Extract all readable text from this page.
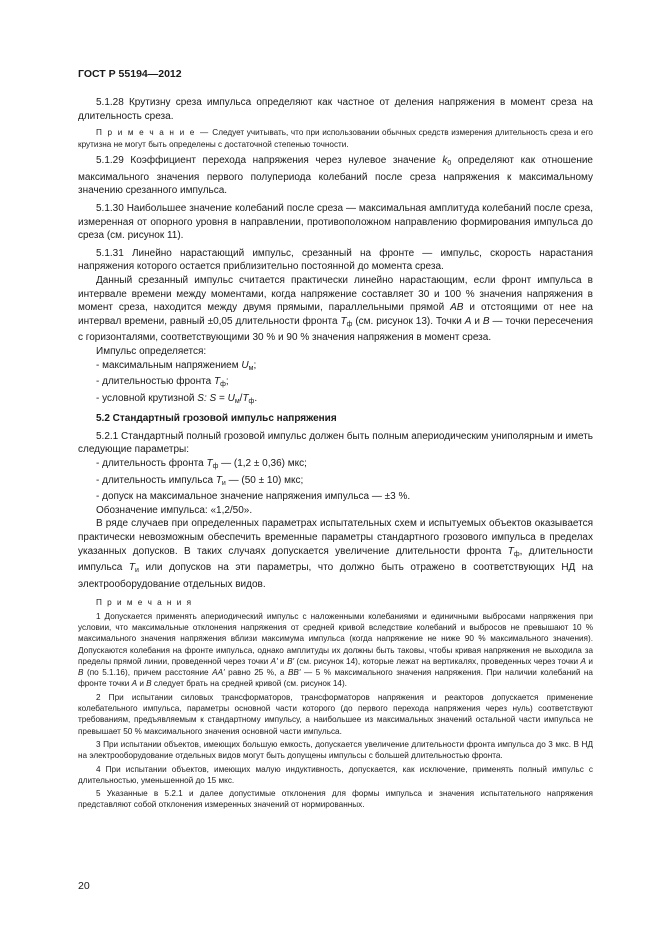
ГОСТ Р 55194—2012

5.1.28 Крутизну среза импульса определяют как частное от деления напряжения в момент среза на длительность среза.

П р и м е ч а н и е — Следует учитывать, что при использовании обычных средств измерения длительность среза и его крутизна не могут быть определены с достаточной степенью точности.

5.1.29 Коэффициент перехода напряжения через нулевое значение $k_0$ определяют как отношение максимального значения первого полупериода колебаний после среза напряжения к максимальному значению срезанного импульса.

5.1.30 Наибольшее значение колебаний после среза — максимальная амплитуда колебаний после среза, измеренная от опорного уровня в направлении, противоположном направлению формирования импульса до среза (см. рисунок 11).

5.1.31 Линейно нарастающий импульс, срезанный на фронте — импульс, скорость нарастания напряжения которого остается приблизительно постоянной до момента среза.

Данный срезанный импульс считается практически линейно нарастающим, если фронт импульса в интервале времени между моментами, когда напряжение составляет 30 и 100 % значения напряжения в момент среза, находится между двумя прямыми, параллельными прямой AB и отстоящими от нее на интервал времени, равный ±0,05 длительности фронта $T_ф$ (см. рисунок 13). Точки A и B — точки пересечения с горизонталями, соответствующими 30 % и 90 % значения напряжения в момент среза.

Импульс определяется:

- максимальным напряжением $U_м$;

- длительностью фронта $T_ф$;

- условной крутизной S: $S = U_м/T_ф$.

5.2 Стандартный грозовой импульс напряжения

5.2.1 Стандартный полный грозовой импульс должен быть полным апериодическим униполярным и иметь следующие параметры:

- длительность фронта $T_ф$ — (1,2 ± 0,36) мкс;

- длительность импульса $T_и$ — (50 ± 10) мкс;

- допуск на максимальное значение напряжения импульса — ±3 %.

Обозначение импульса: «1,2/50».

В ряде случаев при определенных параметрах испытательных схем и испытуемых объектов оказывается практически невозможным обеспечить временные параметры стандартного грозового импульса в пределах указанных допусков. В таких случаях допускается увеличение длительности фронта $T_ф$, длительности импульса $T_и$ или допусков на эти параметры, что должно быть отражено в соответствующих НД на электрооборудование отдельных видов.

П р и м е ч а н и я

1 Допускается применять апериодический импульс с наложенными колебаниями и единичными выбросами напряжения при условии, что максимальные отклонения напряжения от средней кривой вследствие колебаний и выбросов не превышают 10 % максимального значения напряжения вблизи максимума импульса (когда напряжение не ниже 90 % максимального значения). Допускаются колебания на фронте импульса, однако амплитуды их должны быть таковы, чтобы кривая напряжения не выходила за пределы прямой линии, проведенной через точки A' и B' (см. рисунок 14), которые лежат на вертикалях, проведенных через точки A и B (по 5.1.16), причем расстояние AA' равно 25 %, а BB' — 5 % максимального значения напряжения. При наличии колебаний на фронте точки A и B следует брать на средней кривой (см. рисунок 14).

2 При испытании силовых трансформаторов, трансформаторов напряжения и реакторов допускается применение колебательного импульса, параметры основной части которого (до первого перехода напряжения через нуль) соответствуют требованиям, предъявляемым к стандартному импульсу, а наибольшее из максимальных значений остальной части импульса не превышает 50 % максимального значения основной части импульса.

3 При испытании объектов, имеющих большую емкость, допускается увеличение длительности фронта импульса до 3 мкс. В НД на электрооборудование отдельных видов могут быть допущены импульсы с большей длительностью фронта.

4 При испытании объектов, имеющих малую индуктивность, допускается, как исключение, применять полный импульс с длительностью, уменьшенной до 15 мкс.

5 Указанные в 5.2.1 и далее допустимые отклонения для формы импульса и значения испытательного напряжения представляют собой отклонения измеренных значений от нормированных.

20
